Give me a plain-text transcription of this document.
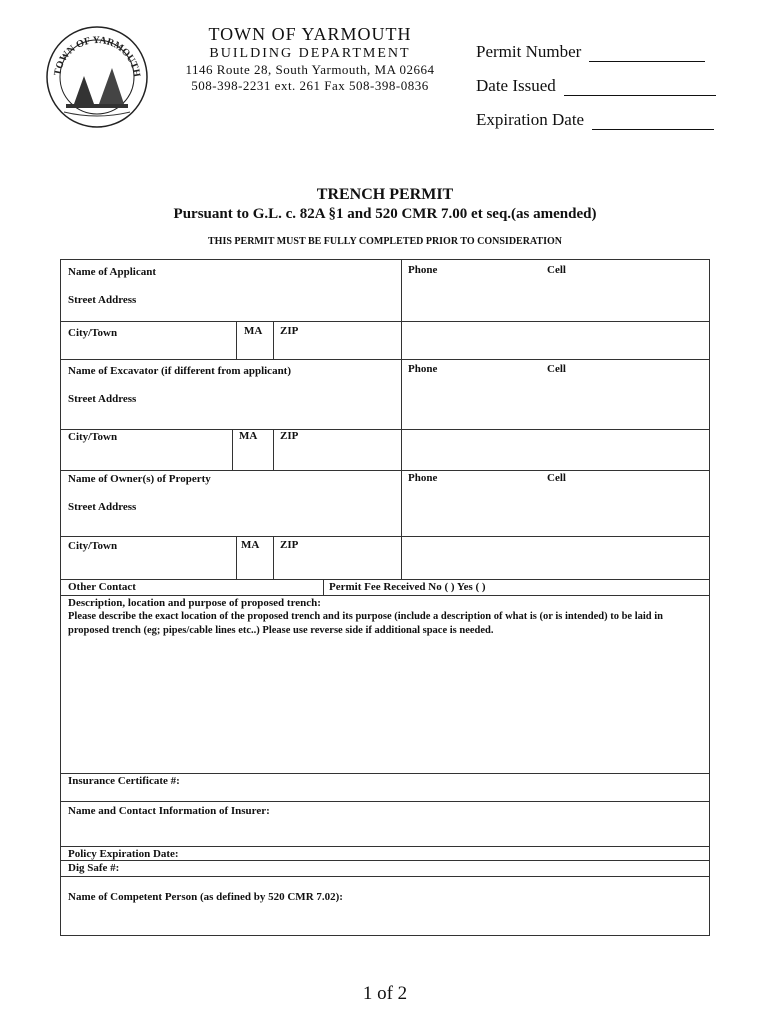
TOWN OF YARMOUTH
TOWN OF YARMOUTH
BUILDING DEPARTMENT
1146 Route 28, South Yarmouth, MA 02664
508-398-2231 ext. 261 Fax 508-398-0836
Permit Number
Date Issued
Expiration Date
TRENCH PERMIT
Pursuant to G.L. c. 82A §1 and 520 CMR 7.00 et seq.(as amended)
THIS PERMIT MUST BE FULLY COMPLETED PRIOR TO CONSIDERATION
Name of Applicant	Phone	Cell
Street Address
City/Town	MA ZIP
Name of Excavator (if different from applicant)	Phone	Cell
Street Address
City/Town	MA ZIP
Name of Owner(s) of Property	Phone	Cell
Street Address
City/Town	MA ZIP
Other Contact	Permit Fee Received No ( ) Yes ( )
Description, location and purpose of proposed trench:
Please describe the exact location of the proposed trench and its purpose (include a description of what is (or is intended) to be laid in proposed trench (eg; pipes/cable lines etc..) Please use reverse side if additional space is needed.
Insurance Certificate #:
Name and Contact Information of Insurer:
Policy Expiration Date:
Dig Safe #:
Name of Competent Person (as defined by 520 CMR 7.02):
1 of 2
